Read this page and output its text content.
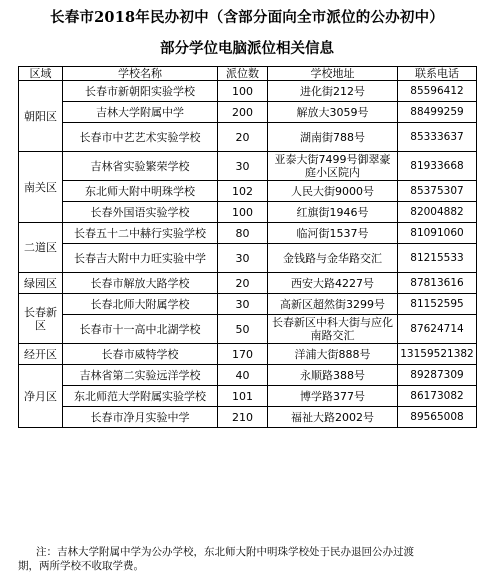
长春市2018年民办初中（含部分面向全市派位的公办初中）
部分学位电脑派位相关信息
区域	学校名称	派位数	学校地址	联系电话
朝阳区	长春市新朝阳实验学校	100	进化街212号	85596412
	吉林大学附属中学	200	解放大3059号	88499259
	长春市中艺艺术实验学校	20	湖南街788号	85333637
南关区	吉林省实验繁荣学校	30	亚泰大街7499号御翠豪庭小区院内	81933668
	东北师大附中明珠学校	102	人民大街9000号	85375307
	长春外国语实验学校	100	红旗街1946号	82004882
二道区	长春五十二中赫行实验学校	80	临河街1537号	81091060
	长春吉大附中力旺实验中学	30	金钱路与金华路交汇	81215533
绿园区	长春市解放大路学校	20	西安大路4227号	87813616
长春新区	长春北师大附属学校	30	高新区超然街3299号	81152595
	长春市十一高中北湖学校	50	长春新区中科大街与应化南路交汇	87624714
经开区	长春市威特学校	170	洋浦大街888号	13159521382
净月区	吉林省第二实验远洋学校	40	永顺路388号	89287309
	东北师范大学附属实验学校	101	博学路377号	86173082
	长春市净月实验中学	210	福祉大路2002号	89565008
注：吉林大学附属中学为公办学校，东北师大附中明珠学校处于民办退回公办过渡
期，两所学校不收取学费。
